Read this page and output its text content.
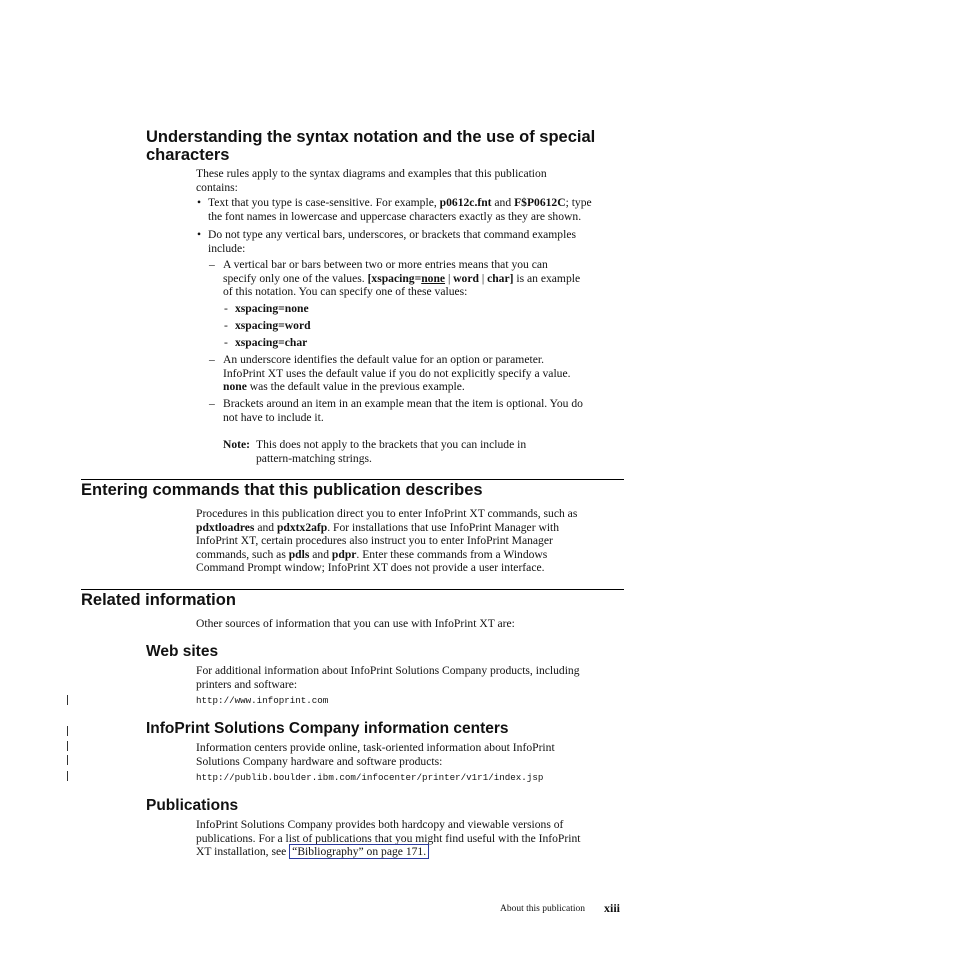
Understanding the syntax notation and the use of special
characters
These rules apply to the syntax diagrams and examples that this publication
contains:
• Text that you type is case-sensitive. For example, p0612c.fnt and F$P0612C; type
the font names in lowercase and uppercase characters exactly as they are shown.
• Do not type any vertical bars, underscores, or brackets that command examples
include:
– A vertical bar or bars between two or more entries means that you can
specify only one of the values. [xspacing=none | word | char] is an example
of this notation. You can specify one of these values:
- xspacing=none
- xspacing=word
- xspacing=char
– An underscore identifies the default value for an option or parameter.
InfoPrint XT uses the default value if you do not explicitly specify a value.
none was the default value in the previous example.
– Brackets around an item in an example mean that the item is optional. You do
not have to include it.
Note: This does not apply to the brackets that you can include in
pattern-matching strings.
Entering commands that this publication describes
Procedures in this publication direct you to enter InfoPrint XT commands, such as
pdxtloadres and pdxtx2afp. For installations that use InfoPrint Manager with
InfoPrint XT, certain procedures also instruct you to enter InfoPrint Manager
commands, such as pdls and pdpr. Enter these commands from a Windows
Command Prompt window; InfoPrint XT does not provide a user interface.
Related information
Other sources of information that you can use with InfoPrint XT are:
Web sites
For additional information about InfoPrint Solutions Company products, including
printers and software:
http://www.infoprint.com
InfoPrint Solutions Company information centers
Information centers provide online, task-oriented information about InfoPrint
Solutions Company hardware and software products:
http://publib.boulder.ibm.com/infocenter/printer/v1r1/index.jsp
Publications
InfoPrint Solutions Company provides both hardcopy and viewable versions of
publications. For a list of publications that you might find useful with the InfoPrint
XT installation, see “Bibliography” on page 171.
About this publication xiii
